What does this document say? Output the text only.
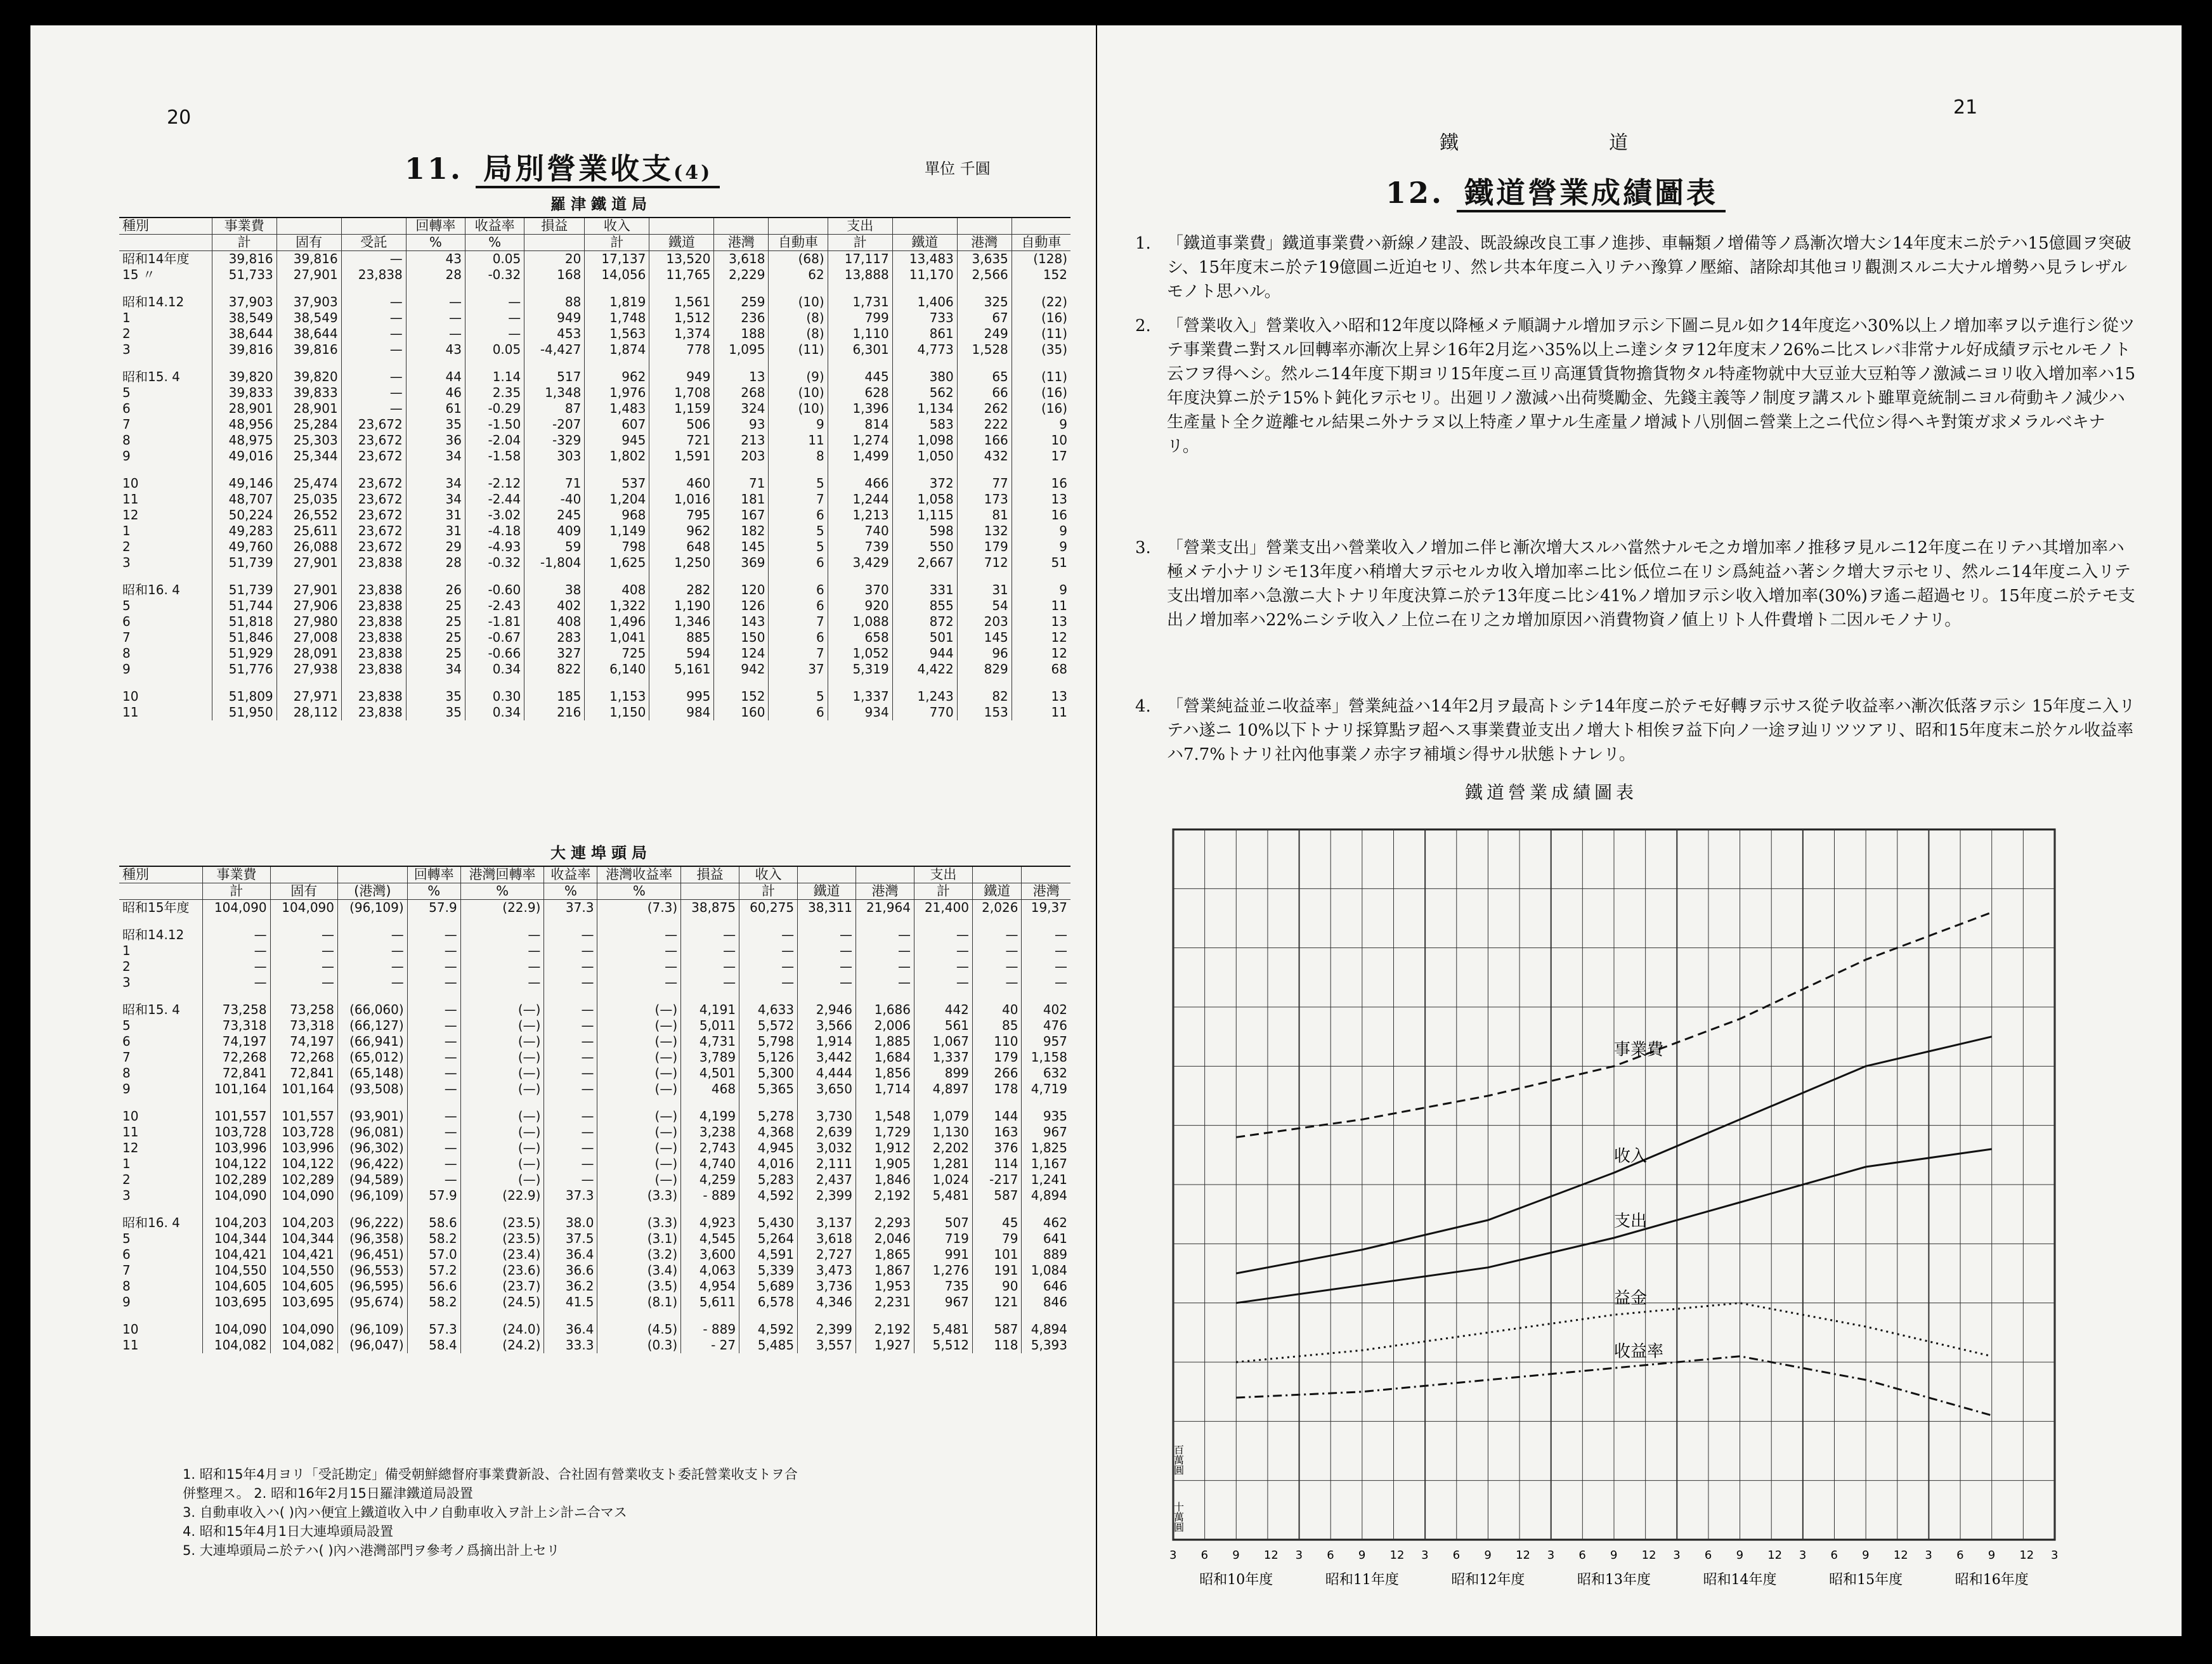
20
11. 局別營業收支(4)	單位 千圓
羅津鐵道局
種別	事業費			回轉率	收益率	損益	收入				支出			
	計	固有	受託	%	%		計	鐵道	港灣	自動車	計	鐵道	港灣	自動車
昭和14年度	39,816	39,816	—	43	0.05	20	17,137	13,520	3,618	(68)	17,117	13,483	3,635	(128)
15 〃	51,733	27,901	23,838	28	-0.32	168	14,056	11,765	2,229	62	13,888	11,170	2,566	152

昭和14.12	37,903	37,903	—	—	—	88	1,819	1,561	259	(10)	1,731	1,406	325	(22)
1	38,549	38,549	—	—	—	949	1,748	1,512	236	(8)	799	733	67	(16)
2	38,644	38,644	—	—	—	453	1,563	1,374	188	(8)	1,110	861	249	(11)
3	39,816	39,816	—	43	0.05	-4,427	1,874	778	1,095	(11)	6,301	4,773	1,528	(35)

昭和15. 4	39,820	39,820	—	44	1.14	517	962	949	13	(9)	445	380	65	(11)
5	39,833	39,833	—	46	2.35	1,348	1,976	1,708	268	(10)	628	562	66	(16)
6	28,901	28,901	—	61	-0.29	87	1,483	1,159	324	(10)	1,396	1,134	262	(16)
7	48,956	25,284	23,672	35	-1.50	-207	607	506	93	9	814	583	222	9
8	48,975	25,303	23,672	36	-2.04	-329	945	721	213	11	1,274	1,098	166	10
9	49,016	25,344	23,672	34	-1.58	303	1,802	1,591	203	8	1,499	1,050	432	17

10	49,146	25,474	23,672	34	-2.12	71	537	460	71	5	466	372	77	16
11	48,707	25,035	23,672	34	-2.44	-40	1,204	1,016	181	7	1,244	1,058	173	13
12	50,224	26,552	23,672	31	-3.02	245	968	795	167	6	1,213	1,115	81	16
1	49,283	25,611	23,672	31	-4.18	409	1,149	962	182	5	740	598	132	9
2	49,760	26,088	23,672	29	-4.93	59	798	648	145	5	739	550	179	9
3	51,739	27,901	23,838	28	-0.32	-1,804	1,625	1,250	369	6	3,429	2,667	712	51

昭和16. 4	51,739	27,901	23,838	26	-0.60	38	408	282	120	6	370	331	31	9
5	51,744	27,906	23,838	25	-2.43	402	1,322	1,190	126	6	920	855	54	11
6	51,818	27,980	23,838	25	-1.81	408	1,496	1,346	143	7	1,088	872	203	13
7	51,846	27,008	23,838	25	-0.67	283	1,041	885	150	6	658	501	145	12
8	51,929	28,091	23,838	25	-0.66	327	725	594	124	7	1,052	944	96	12
9	51,776	27,938	23,838	34	0.34	822	6,140	5,161	942	37	5,319	4,422	829	68

10	51,809	27,971	23,838	35	0.30	185	1,153	995	152	5	1,337	1,243	82	13
11	51,950	28,112	23,838	35	0.34	216	1,150	984	160	6	934	770	153	11
大連埠頭局
種別	事業費			回轉率	港灣回轉率	收益率	港灣收益率	損益	收入			支出		
	計	固有	(港灣)	%	%	%	%		計	鐵道	港灣	計	鐵道	港灣
昭和15年度	104,090	104,090	(96,109)	57.9	(22.9)	37.3	(7.3)	38,875	60,275	38,311	21,964	21,400	2,026	19,37

昭和14.12	—	—	—	—	—	—	—	—	—	—	—	—	—	—
1	—	—	—	—	—	—	—	—	—	—	—	—	—	—
2	—	—	—	—	—	—	—	—	—	—	—	—	—	—
3	—	—	—	—	—	—	—	—	—	—	—	—	—	—

昭和15. 4	73,258	73,258	(66,060)	—	(—)	—	(—)	4,191	4,633	2,946	1,686	442	40	402
5	73,318	73,318	(66,127)	—	(—)	—	(—)	5,011	5,572	3,566	2,006	561	85	476
6	74,197	74,197	(66,941)	—	(—)	—	(—)	4,731	5,798	1,914	1,885	1,067	110	957
7	72,268	72,268	(65,012)	—	(—)	—	(—)	3,789	5,126	3,442	1,684	1,337	179	1,158
8	72,841	72,841	(65,148)	—	(—)	—	(—)	4,501	5,300	4,444	1,856	899	266	632
9	101,164	101,164	(93,508)	—	(—)	—	(—)	468	5,365	3,650	1,714	4,897	178	4,719

10	101,557	101,557	(93,901)	—	(—)	—	(—)	4,199	5,278	3,730	1,548	1,079	144	935
11	103,728	103,728	(96,081)	—	(—)	—	(—)	3,238	4,368	2,639	1,729	1,130	163	967
12	103,996	103,996	(96,302)	—	(—)	—	(—)	2,743	4,945	3,032	1,912	2,202	376	1,825
1	104,122	104,122	(96,422)	—	(—)	—	(—)	4,740	4,016	2,111	1,905	1,281	114	1,167
2	102,289	102,289	(94,589)	—	(—)	—	(—)	4,259	5,283	2,437	1,846	1,024	-217	1,241
3	104,090	104,090	(96,109)	57.9	(22.9)	37.3	(3.3)	- 889	4,592	2,399	2,192	5,481	587	4,894

昭和16. 4	104,203	104,203	(96,222)	58.6	(23.5)	38.0	(3.3)	4,923	5,430	3,137	2,293	507	45	462
5	104,344	104,344	(96,358)	58.2	(23.5)	37.5	(3.1)	4,545	5,264	3,618	2,046	719	79	641
6	104,421	104,421	(96,451)	57.0	(23.4)	36.4	(3.2)	3,600	4,591	2,727	1,865	991	101	889
7	104,550	104,550	(96,553)	57.2	(23.6)	36.6	(3.4)	4,063	5,339	3,473	1,867	1,276	191	1,084
8	104,605	104,605	(96,595)	56.6	(23.7)	36.2	(3.5)	4,954	5,689	3,736	1,953	735	90	646
9	103,695	103,695	(95,674)	58.2	(24.5)	41.5	(8.1)	5,611	6,578	4,346	2,231	967	121	846

10	104,090	104,090	(96,109)	57.3	(24.0)	36.4	(4.5)	- 889	4,592	2,399	2,192	5,481	587	4,894
11	104,082	104,082	(96,047)	58.4	(24.2)	33.3	(0.3)	- 27	5,485	3,557	1,927	5,512	118	5,393
1. 昭和15年4月ヨリ「受託勘定」備受朝鮮總督府事業費新設、合社固有營業收支ト委託營業收支トヲ合
併整理ス。 2. 昭和16年2月15日羅津鐵道局設置
3. 自動車收入ハ( )內ハ便宜上鐵道收入中ノ自動車收入ヲ計上シ計ニ合マス
4. 昭和15年4月1日大連埠頭局設置
5. 大連埠頭局ニ於テハ( )內ハ港灣部門ヲ參考ノ爲摘出計上セリ
21
鐵	道
12. 鐵道營業成績圖表
1. 「鐵道事業費」鐵道事業費ハ新線ノ建設、既設線改良工事ノ進捗、車輛類ノ增備等ノ爲漸次增大シ14年度末ニ於テハ15億圓ヲ突破シ、15年度末ニ於テ19億圓ニ近迫セリ、然レ共本年度ニ入リテハ豫算ノ壓縮、諸除却其他ヨリ觀測スルニ大ナル增勢ハ見ラレザルモノト思ハル。
2. 「營業收入」營業收入ハ昭和12年度以降極メテ順調ナル增加ヲ示シ下圖ニ見ル如ク14年度迄ハ30%以上ノ增加率ヲ以テ進行シ從ツテ事業費ニ對スル回轉率亦漸次上昇シ16年2月迄ハ35%以上ニ達シタヲ12年度末ノ26%ニ比スレバ非常ナル好成績ヲ示セルモノト云フヲ得ヘシ。然ルニ14年度下期ヨリ15年度ニ亘リ高運賃貨物擔貨物タル特產物就中大豆並大豆粕等ノ激減ニヨリ收入增加率ハ15年度決算ニ於テ15%ト鈍化ヲ示セリ。出廻リノ激減ハ出荷獎勵金、先錢主義等ノ制度ヲ講スルト雖單竟統制ニヨル荷動キノ減少ハ生產量ト全ク遊離セル結果ニ外ナラヌ以上特產ノ單ナル生產量ノ增減ト八別個ニ營業上之ニ代位シ得ヘキ對策ガ求メラルベキナリ。
3. 「營業支出」營業支出ハ營業收入ノ增加ニ伴ヒ漸次增大スルハ當然ナルモ之カ增加率ノ推移ヲ見ルニ12年度ニ在リテハ其增加率ハ極メテ小ナリシモ13年度ハ稍增大ヲ示セルカ收入增加率ニ比シ低位ニ在リシ爲純益ハ著シク增大ヲ示セリ、然ルニ14年度ニ入リテ支出增加率ハ急激ニ大トナリ年度決算ニ於テ13年度ニ比シ41%ノ增加ヲ示シ收入增加率(30%)ヲ遙ニ超過セリ。15年度ニ於テモ支出ノ增加率ハ22%ニシテ收入ノ上位ニ在リ之カ增加原因ハ消費物資ノ値上リト人件費增ト二因ルモノナリ。
4. 「營業純益並ニ收益率」營業純益ハ14年2月ヲ最高トシテ14年度ニ於テモ好轉ヲ示サス從テ收益率ハ漸次低落ヲ示シ 15年度ニ入リテハ遂ニ 10%以下トナリ採算點ヲ超ヘス事業費並支出ノ增大ト相俟ヲ益下向ノ一途ヲ辿リツツアリ、昭和15年度末ニ於ケル收益率ハ7.7%トナリ社內他事業ノ赤字ヲ補塡シ得サル狀態トナレリ。
鐵道營業成績圖表
3 6 9 12 3 6 9 12 3 6 9 12 3 6 9 12 3 6 9 12 3 6 9 12 3 6 9 12 3
昭和10年度	昭和11年度	昭和12年度	昭和13年度	昭和14年度	昭和15年度	昭和16年度
百萬圓
十萬圓
事業費
收入
支出
益金
收益率
